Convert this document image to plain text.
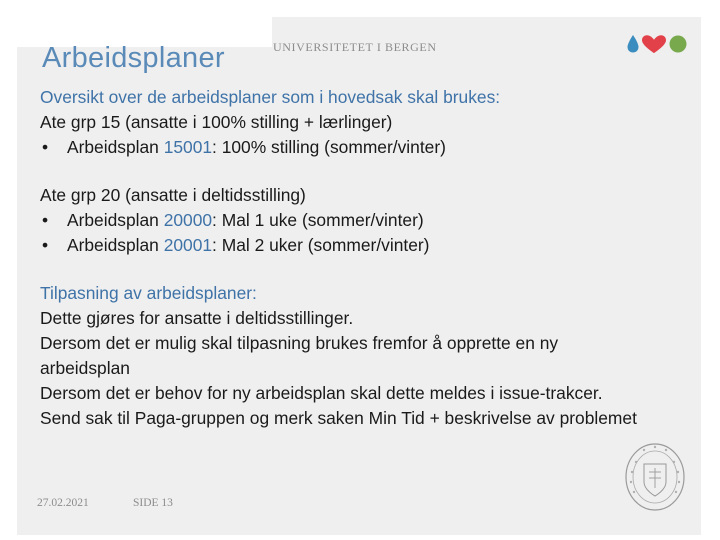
Arbeidsplaner	UNIVERSITETET I BERGEN
Oversikt over de arbeidsplaner som i hovedsak skal brukes:
Ate grp 15 (ansatte i 100% stilling + lærlinger)
• Arbeidsplan 15001: 100% stilling (sommer/vinter)
Ate grp 20 (ansatte i deltidsstilling)
• Arbeidsplan 20000: Mal 1 uke (sommer/vinter)
• Arbeidsplan 20001: Mal 2 uker (sommer/vinter)
Tilpasning av arbeidsplaner:
Dette gjøres for ansatte i deltidsstillinger.
Dersom det er mulig skal tilpasning brukes fremfor å opprette en ny arbeidsplan
Dersom det er behov for ny arbeidsplan skal dette meldes i issue-trakcer.
Send sak til Paga-gruppen og merk saken Min Tid + beskrivelse av problemet
27.02.2021	SIDE 13
